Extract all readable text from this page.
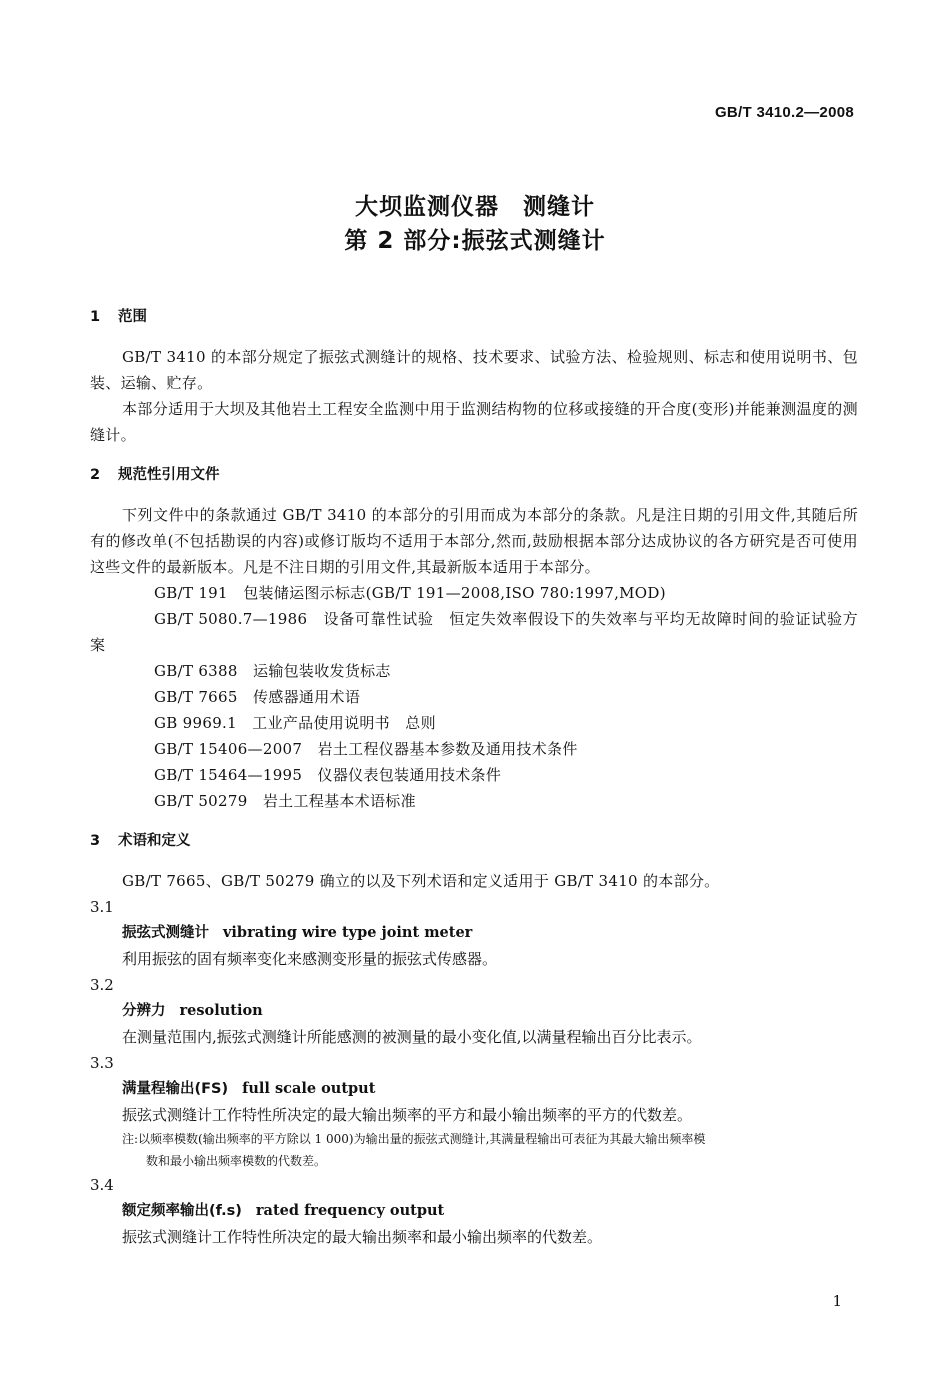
GB/T 3410.2—2008
大坝监测仪器　测缝计
第 2 部分:振弦式测缝计
1 范围

GB/T 3410 的本部分规定了振弦式测缝计的规格、技术要求、试验方法、检验规则、标志和使用说明书、包装、运输、贮存。

本部分适用于大坝及其他岩土工程安全监测中用于监测结构物的位移或接缝的开合度(变形)并能兼测温度的测缝计。

2 规范性引用文件

下列文件中的条款通过 GB/T 3410 的本部分的引用而成为本部分的条款。凡是注日期的引用文件,其随后所有的修改单(不包括勘误的内容)或修订版均不适用于本部分,然而,鼓励根据本部分达成协议的各方研究是否可使用这些文件的最新版本。凡是不注日期的引用文件,其最新版本适用于本部分。

GB/T 191　 包装储运图示标志(GB/T 191—2008,ISO 780:1997,MOD)

GB/T 5080.7—1986　 设备可靠性试验　恒定失效率假设下的失效率与平均无故障时间的验证试验方案

GB/T 6388　 运输包装收发货标志

GB/T 7665　 传感器通用术语

GB 9969.1　 工业产品使用说明书　总则

GB/T 15406—2007　 岩土工程仪器基本参数及通用技术条件

GB/T 15464—1995　 仪器仪表包装通用技术条件

GB/T 50279　 岩土工程基本术语标准

3 术语和定义

GB/T 7665、GB/T 50279 确立的以及下列术语和定义适用于 GB/T 3410 的本部分。

3.1
振弦式测缝计 vibrating wire type joint meter
利用振弦的固有频率变化来感测变形量的振弦式传感器。
3.2
分辨力 resolution
在测量范围内,振弦式测缝计所能感测的被测量的最小变化值,以满量程输出百分比表示。
3.3
满量程输出(FS) full scale output
振弦式测缝计工作特性所决定的最大输出频率的平方和最小输出频率的平方的代数差。
注:以频率模数(输出频率的平方除以 1 000)为输出量的振弦式测缝计,其满量程输出可表征为其最大输出频率模
数和最小输出频率模数的代数差。
3.4
额定频率输出(f.s) rated frequency output
振弦式测缝计工作特性所决定的最大输出频率和最小输出频率的代数差。
1
